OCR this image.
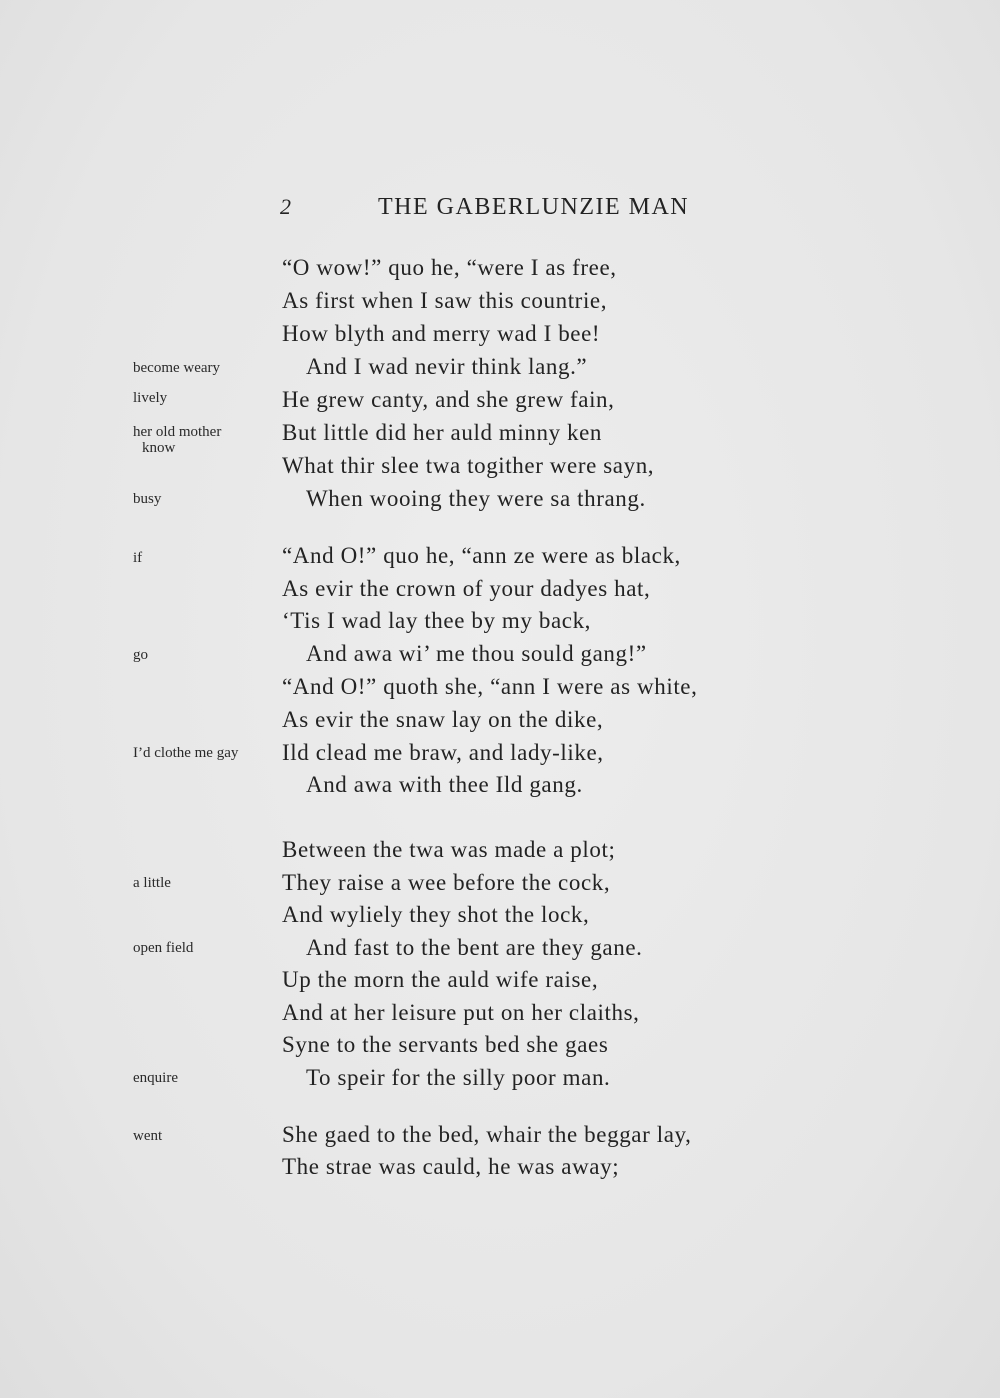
2	THE GABERLUNZIE MAN
“O wow!” quo he, “were I as free,
As first when I saw this countrie,
How blyth and merry wad I bee!
And I wad nevir think lang.”
He grew canty, and she grew fain,
But little did her auld minny ken
What thir slee twa togither were sayn,
When wooing they were sa thrang.
“And O!” quo he, “ann ze were as black,
As evir the crown of your dadyes hat,
‘Tis I wad lay thee by my back,
And awa wi’ me thou sould gang!”
“And O!” quoth she, “ann I were as white,
As evir the snaw lay on the dike,
Ild clead me braw, and lady-like,
And awa with thee Ild gang.
Between the twa was made a plot;
They raise a wee before the cock,
And wyliely they shot the lock,
And fast to the bent are they gane.
Up the morn the auld wife raise,
And at her leisure put on her claiths,
Syne to the servants bed she gaes
To speir for the silly poor man.
She gaed to the bed, whair the beggar lay,
The strae was cauld, he was away;
become weary
lively
her old mother
know
busy
if
go
I’d clothe me gay
a little
open field
enquire
went
